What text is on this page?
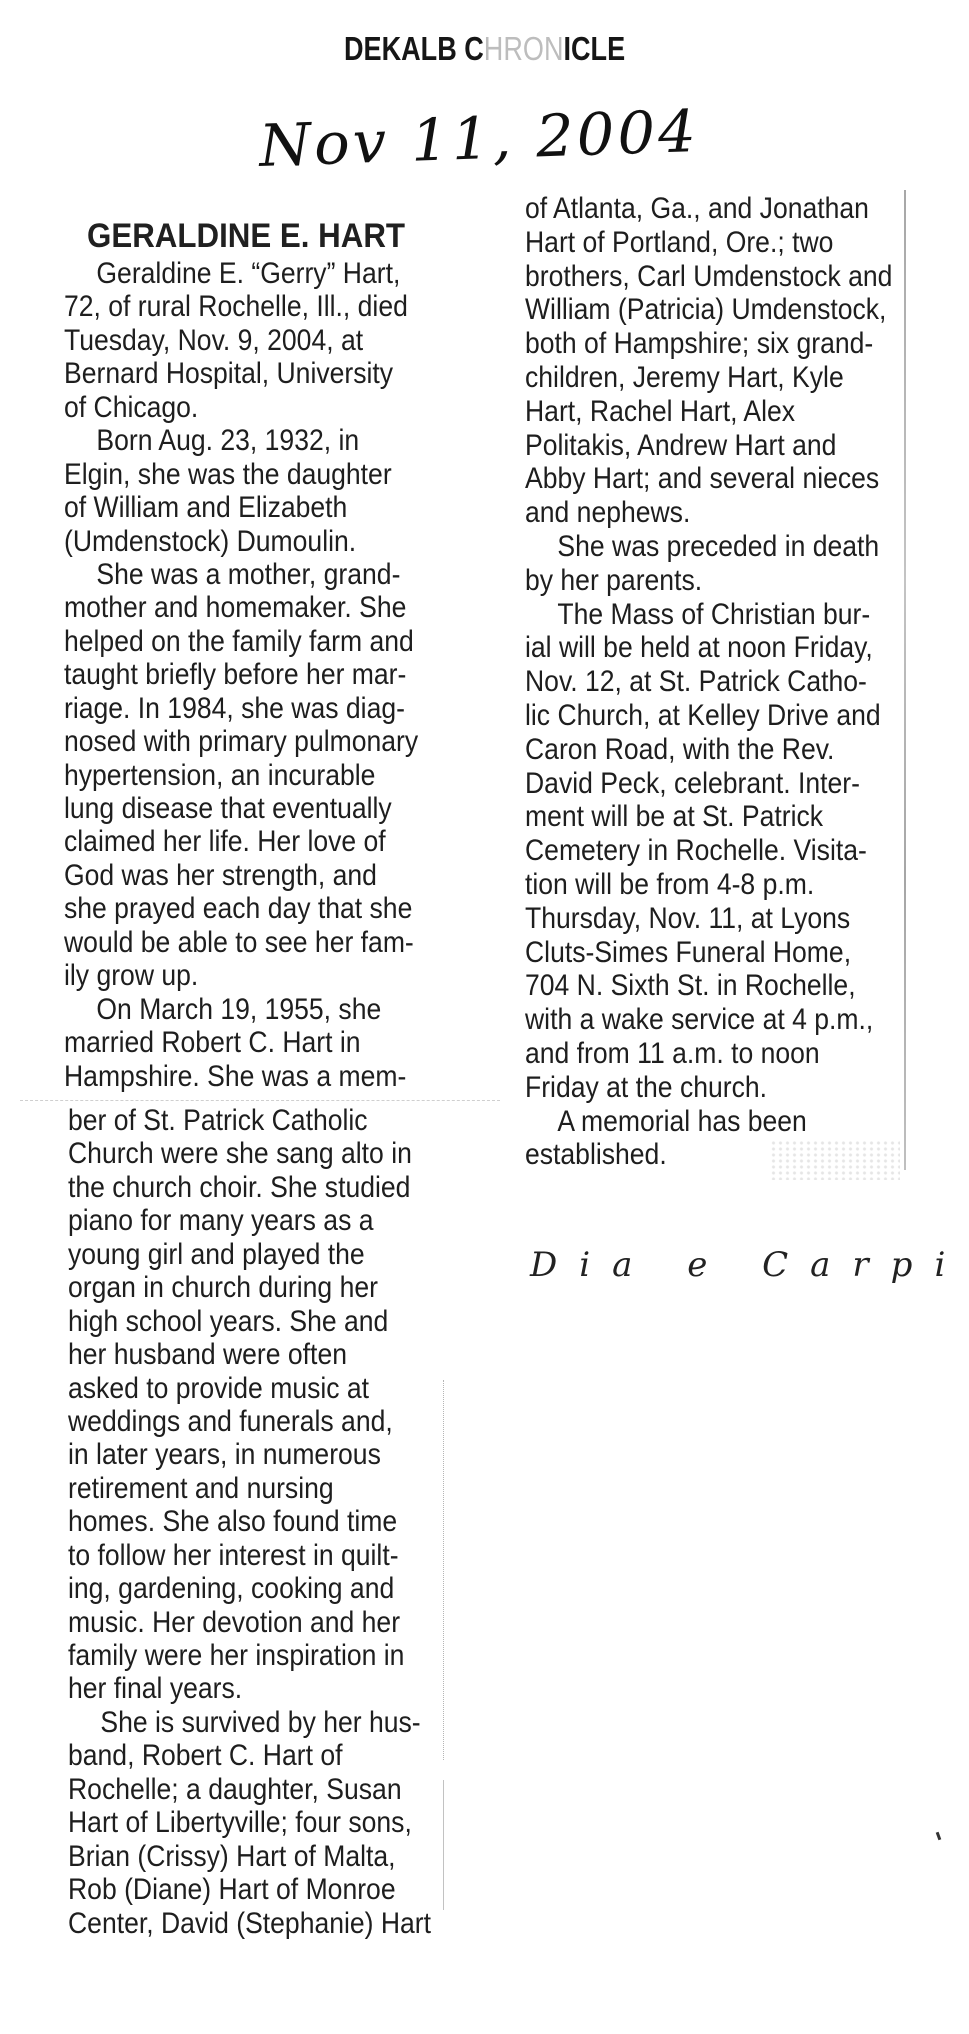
DEKALB CHRONICLE
Nov 11, 2004
GERALDINE E. HART
Geraldine E. “Gerry” Hart,
72, of rural Rochelle, Ill., died
Tuesday, Nov. 9, 2004, at
Bernard Hospital, University
of Chicago.
Born Aug. 23, 1932, in
Elgin, she was the daughter
of William and Elizabeth
(Umdenstock) Dumoulin.
She was a mother, grand-
mother and homemaker. She
helped on the family farm and
taught briefly before her mar-
riage. In 1984, she was diag-
nosed with primary pulmonary
hypertension, an incurable
lung disease that eventually
claimed her life. Her love of
God was her strength, and
she prayed each day that she
would be able to see her fam-
ily grow up.
On March 19, 1955, she
married Robert C. Hart in
Hampshire. She was a mem-
ber of St. Patrick Catholic
Church were she sang alto in
the church choir. She studied
piano for many years as a
young girl and played the
organ in church during her
high school years. She and
her husband were often
asked to provide music at
weddings and funerals and,
in later years, in numerous
retirement and nursing
homes. She also found time
to follow her interest in quilt-
ing, gardening, cooking and
music. Her devotion and her
family were her inspiration in
her final years.
She is survived by her hus-
band, Robert C. Hart of
Rochelle; a daughter, Susan
Hart of Libertyville; four sons,
Brian (Crissy) Hart of Malta,
Rob (Diane) Hart of Monroe
Center, David (Stephanie) Hart
of Atlanta, Ga., and Jonathan
Hart of Portland, Ore.; two
brothers, Carl Umdenstock and
William (Patricia) Umdenstock,
both of Hampshire; six grand-
children, Jeremy Hart, Kyle
Hart, Rachel Hart, Alex
Politakis, Andrew Hart and
Abby Hart; and several nieces
and nephews.
She was preceded in death
by her parents.
The Mass of Christian bur-
ial will be held at noon Friday,
Nov. 12, at St. Patrick Catho-
lic Church, at Kelley Drive and
Caron Road, with the Rev.
David Peck, celebrant. Inter-
ment will be at St. Patrick
Cemetery in Rochelle. Visita-
tion will be from 4-8 p.m.
Thursday, Nov. 11, at Lyons
Cluts-Simes Funeral Home,
704 N. Sixth St. in Rochelle,
with a wake service at 4 p.m.,
and from 11 a.m. to noon
Friday at the church.
A memorial has been
established.
Dia e Carpi
